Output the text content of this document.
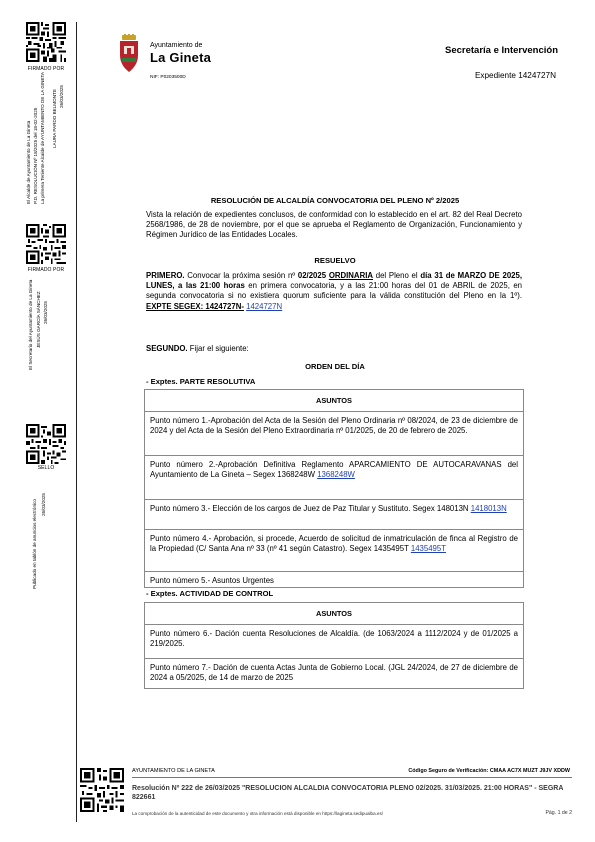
FIRMADO POR
El Alcalde de Ayuntamiento de La Gineta P.D. RESOLUCIÓN Nº 18/2025 del 18-02-2025 La primera Teniente Alcalde de AYUNTAMIENTO DE LA GINETA LAURA PARDO BELMONTE 26/03/2025
FIRMADO POR
El Secretario del Ayuntamiento de La Gineta JESÚS GARCÍA SÁNCHEZ 26/03/2025
SELLO
Publicado en tablón de anuncios electrónico 26/03/2025
Ayuntamiento de
La Gineta
NIF: P0203500D
Secretaría e Intervención
Expediente 1424727N
RESOLUCIÓN DE ALCALDÍA CONVOCATORIA DEL PLENO Nº 2/2025
Vista la relación de expedientes conclusos, de conformidad con lo establecido en el art. 82 del Real Decreto 2568/1986, de 28 de noviembre, por el que se aprueba el Reglamento de Organización, Funcionamiento y Régimen Jurídico de las Entidades Locales.
RESUELVO
PRIMERO. Convocar la próxima sesión nº 02/2025 ORDINARIA del Pleno el día 31 de MARZO DE 2025, LUNES, a las 21:00 horas en primera convocatoria, y a las 21:00 horas del 01 de ABRIL de 2025, en segunda convocatoria si no existiera quorum suficiente para la válida constitución del Pleno en la 1º). EXPTE SEGEX: 1424727N- 1424727N
SEGUNDO. Fijar el siguiente:
ORDEN DEL DÍA
- Exptes. PARTE RESOLUTIVA
ASUNTOS
Punto número 1.-Aprobación del Acta de la Sesión del Pleno Ordinaria nº 08/2024, de 23 de diciembre de 2024 y del Acta de la Sesión del Pleno Extraordinaria nº 01/2025, de 20 de febrero de 2025.
Punto número 2.-Aprobación Definitiva Reglamento APARCAMIENTO DE AUTOCARAVANAS del Ayuntamiento de La Gineta – Segex 1368248W 1368248W
Punto número 3.- Elección de los cargos de Juez de Paz Titular y Sustituto. Segex 148013N 1418013N
Punto número 4.- Aprobación, si procede, Acuerdo de solicitud de inmatriculación de finca al Registro de la Propiedad (C/ Santa Ana nº 33 (nº 41 según Catastro). Segex 1435495T 1435495T
Punto número 5.- Asuntos Urgentes
- Exptes. ACTIVIDAD DE CONTROL
ASUNTOS
Punto número 6.- Dación cuenta Resoluciones de Alcaldía. (de 1063/2024 a 1112/2024 y de 01/2025 a 219/2025.
Punto número 7.- Dación de cuenta Actas Junta de Gobierno Local. (JGL 24/2024, de 27 de diciembre de 2024 a 05/2025, de 14 de marzo de 2025
AYUNTAMIENTO DE LA GINETA	Código Seguro de Verificación: CMAA AC7X MUZT J9JV XDDW
Resolución Nº 222 de 26/03/2025 "RESOLUCION ALCALDIA CONVOCATORIA PLENO 02/2025. 31/03/2025. 21:00 HORAS" - SEGRA 822661
La comprobación de la autenticidad de este documento y otra información está disponible en https://lagineta.sedipualba.es/	Pág. 1 de 2
